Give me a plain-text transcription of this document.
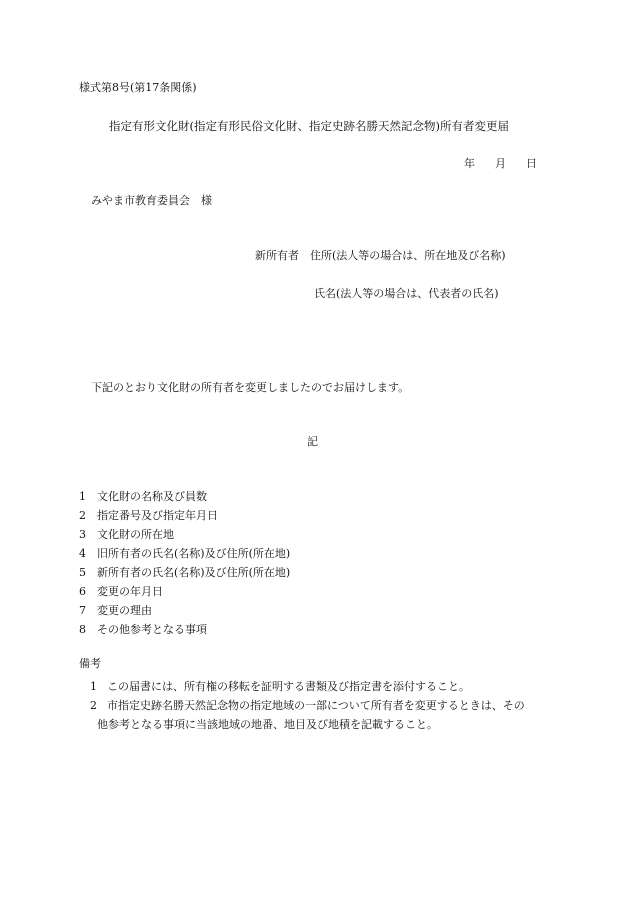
様式第8号(第17条関係)
指定有形文化財(指定有形民俗文化財、指定史跡名勝天然記念物)所有者変更届
年 月 日
みやま市教育委員会　様
新所有者　 住所(法人等の場合は、所在地及び名称)
氏名(法人等の場合は、代表者の氏名)
下記のとおり文化財の所有者を変更しましたのでお届けします。
記
1 文化財の名称及び員数
2 指定番号及び指定年月日
3 文化財の所在地
4 旧所有者の氏名(名称)及び住所(所在地)
5 新所有者の氏名(名称)及び住所(所在地)
6 変更の年月日
7 変更の理由
8 その他参考となる事項
備考
1 この届書には、所有権の移転を証明する書類及び指定書を添付すること。
2 市指定史跡名勝天然記念物の指定地域の一部について所有者を変更するときは、その
他参考となる事項に当該地域の地番、地目及び地積を記載すること。
